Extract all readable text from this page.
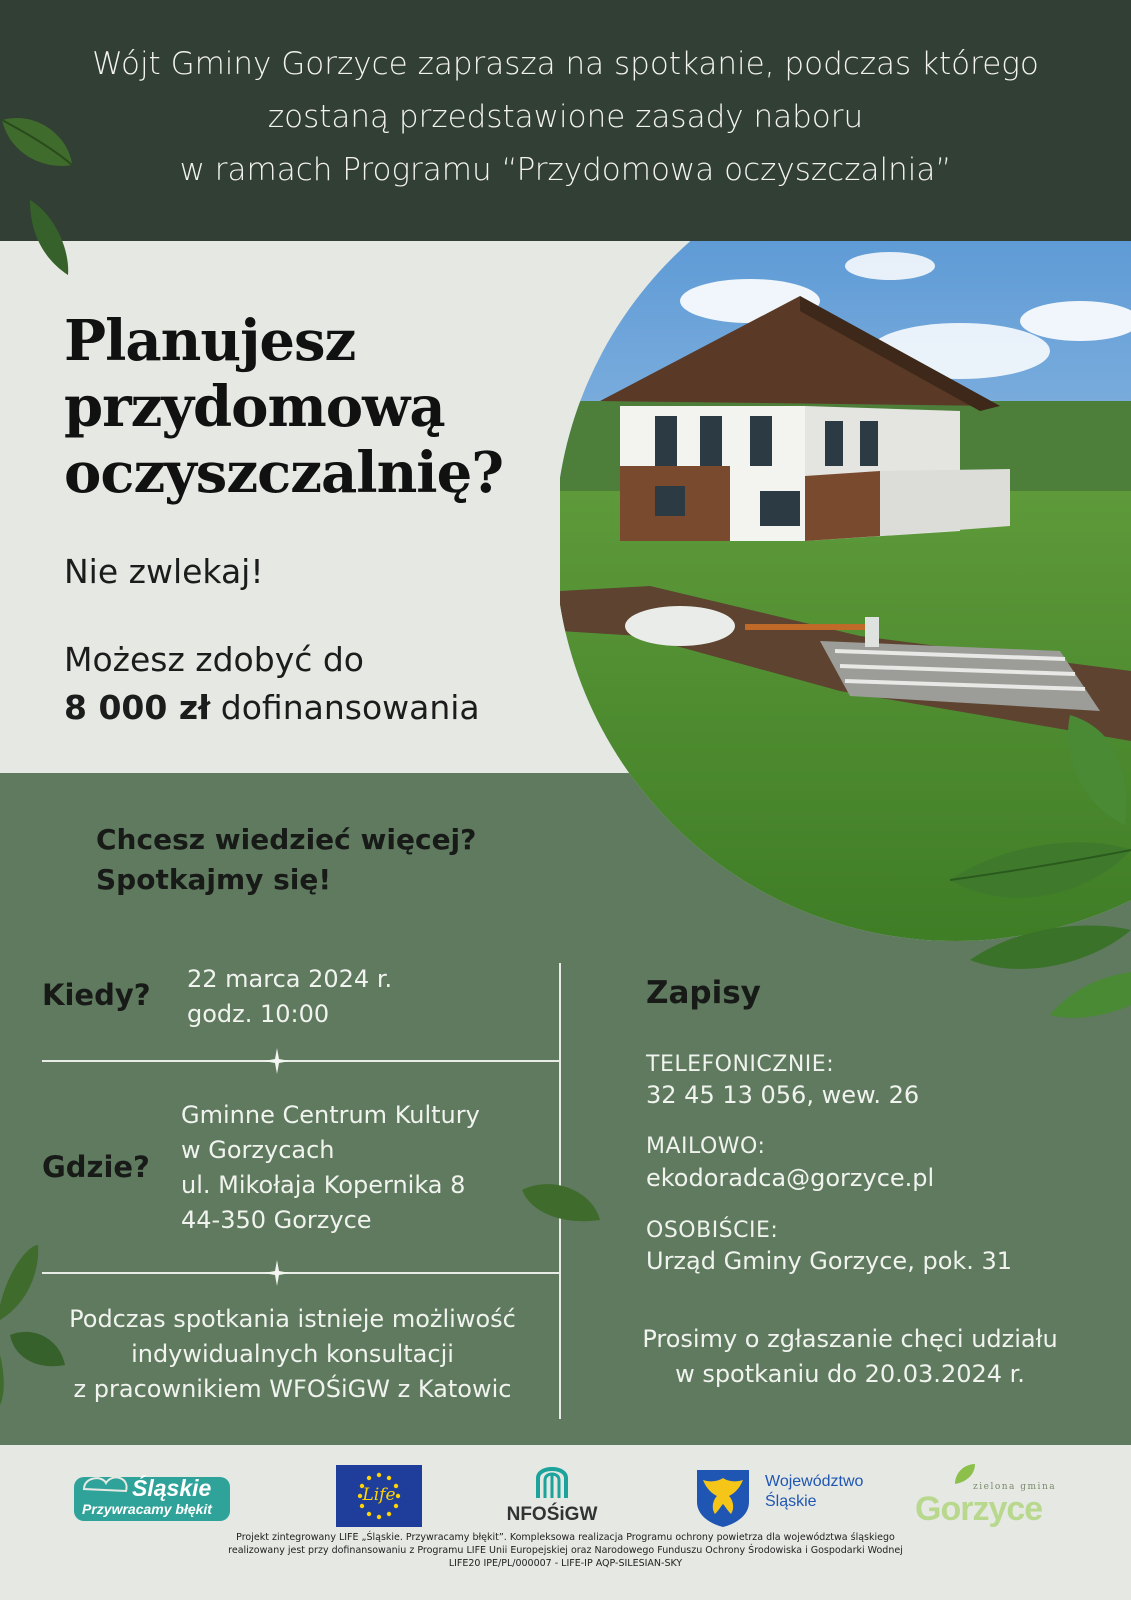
Wójt Gminy Gorzyce zaprasza na spotkanie, podczas którego
zostaną przedstawione zasady naboru
w ramach Programu “Przydomowa oczyszczalnia”
Planujesz
przydomową
oczyszczalnię?
Nie zwlekaj!
Możesz zdobyć do
8 000 zł dofinansowania
Chcesz wiedzieć więcej?
Spotkajmy się!
Kiedy? 22 marca 2024 r.
godz. 10:00
Gdzie?
Gminne Centrum Kultury
w Gorzycach
ul. Mikołaja Kopernika 8
44-350 Gorzyce
Podczas spotkania istnieje możliwość
indywidualnych konsultacji
z pracownikiem WFOŚiGW z Katowic
Zapisy
TELEFONICZNIE:
32 45 13 056, wew. 26
MAILOWO:
ekodoradca@gorzyce.pl
OSOBIŚCIE:
Urząd Gminy Gorzyce, pok. 31
Prosimy o zgłaszanie chęci udziału
w spotkaniu do 20.03.2024 r.
Śląskie
Przywracamy błękit
Life
NFOŚiGW
Województwo
Śląskie
zielona gmina
Gorzyce
Projekt zintegrowany LIFE „Śląskie. Przywracamy błękit”. Kompleksowa realizacja Programu ochrony powietrza dla województwa śląskiego
realizowany jest przy dofinansowaniu z Programu LIFE Unii Europejskiej oraz Narodowego Funduszu Ochrony Środowiska i Gospodarki Wodnej
LIFE20 IPE/PL/000007 - LIFE-IP AQP-SILESIAN-SKY
